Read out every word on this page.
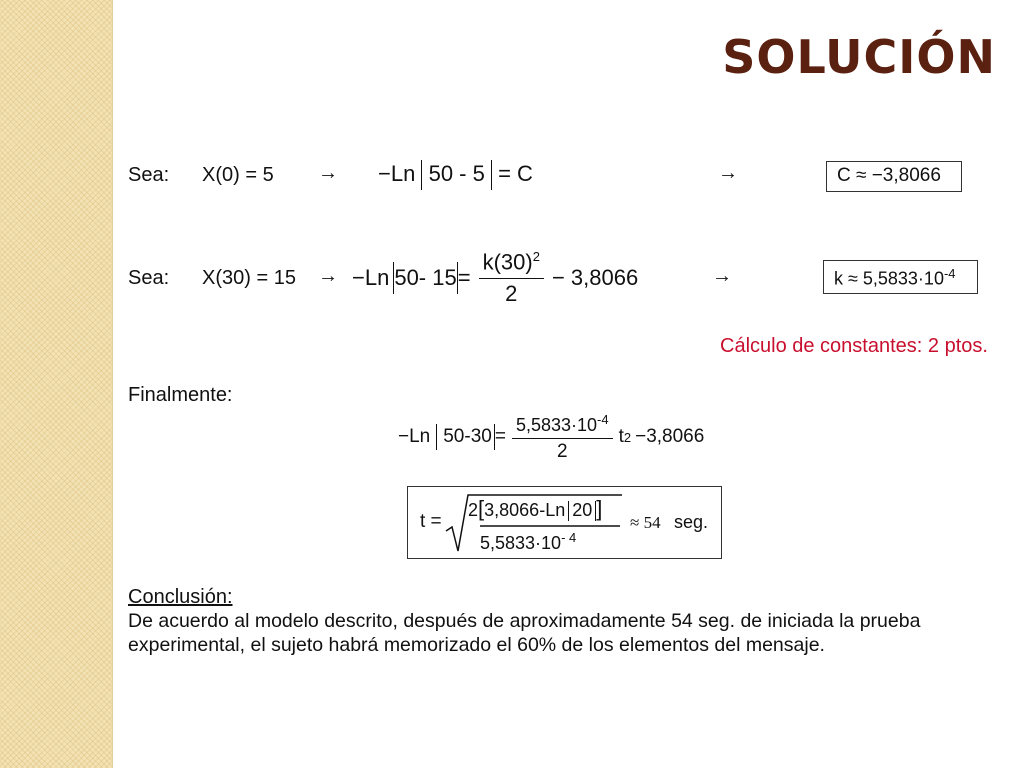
SOLUCIÓN
Sea: X(0) = 5 → −Ln 50 - 5 = C	→	C ≈ −3,8066
Sea: X(30) = 15 → −Ln 50- $15 = \frac{k(30)^2}{2} - 3,8066$	→	$k \approx 5,5833\cdot 10^{-4}$
Cálculo de constantes: 2 ptos.
Finalmente:
−Ln $50-30 = \frac{5,5833\cdot 10^{-4}}{2}$ t 2 −3,8066
t =
2[3,8066-Ln 20 ]
$5,5833\cdot 10^{- 4}$
≈ 54 seg.
Conclusión:
De acuerdo al modelo descrito, después de aproximadamente 54 seg. de iniciada la prueba
experimental, el sujeto habrá memorizado el 60% de los elementos del mensaje.
